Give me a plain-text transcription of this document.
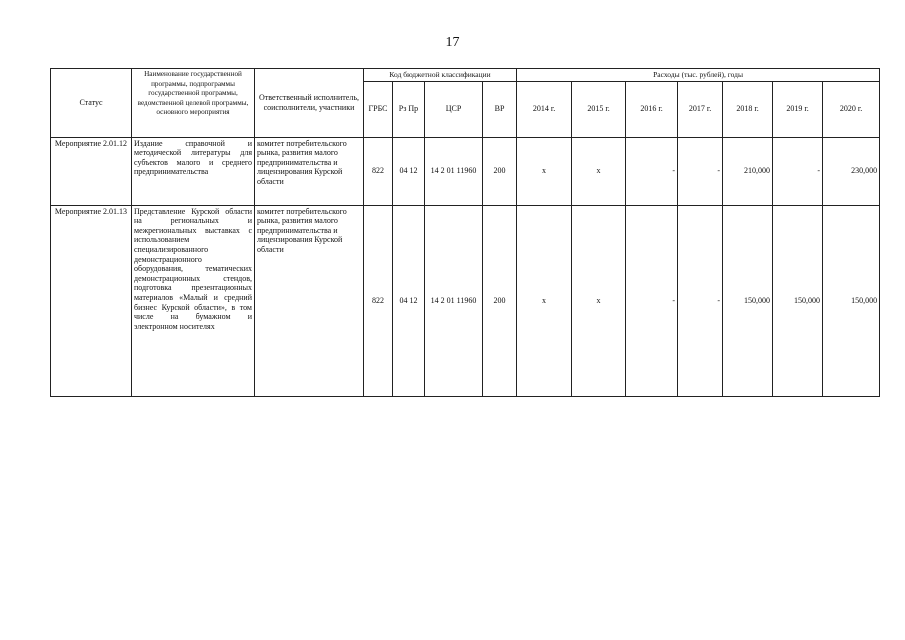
17
Статус	Наименование государственной программы, подпрограммы государственной программы, ведомственной целевой программы, основного мероприятия	Ответственный исполнитель, соисполнители, участники	Код бюджетной классификации				Расходы (тыс. рублей), годы						
			ГРБС	Рз Пр	ЦСР	ВР	2014 г.	2015 г.	2016 г.	2017 г.	2018 г.	2019 г.	2020 г.
Мероприятие 2.01.12	Издание справочной и методической литературы для субъектов малого и среднего предпринимательства	комитет потребительского рынка, развития малого предпринимательства и лицензирования Курской области	822	04 12	14 2 01 11960	200	x	x	-	-	210,000	-	230,000
Мероприятие 2.01.13	Представление Курской области на региональных и межрегиональных выставках с использованием специализированного демонстрационного оборудования, тематических демонстрационных стендов, подготовка презентационных материалов «Малый и средний бизнес Курской области», в том числе на бумажном и электронном носителях	комитет потребительского рынка, развития малого предпринимательства и лицензирования Курской области	822	04 12	14 2 01 11960	200	x	x	-	-	150,000	150,000	150,000
